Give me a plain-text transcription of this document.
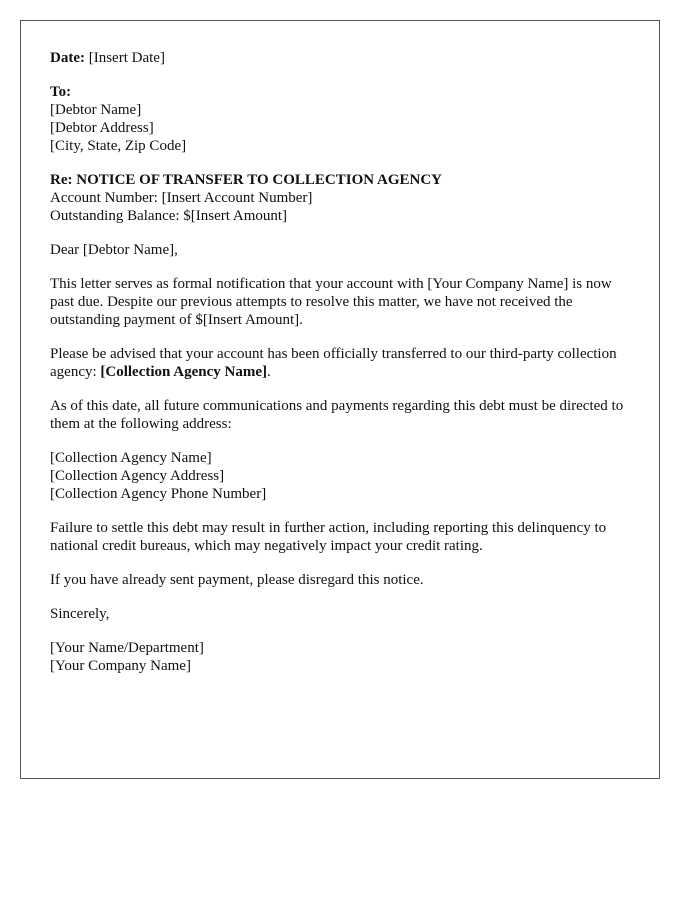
Date: [Insert Date]
To:
[Debtor Name]
[Debtor Address]
[City, State, Zip Code]
Re: NOTICE OF TRANSFER TO COLLECTION AGENCY
Account Number: [Insert Account Number]
Outstanding Balance: $[Insert Amount]

Dear [Debtor Name],

This letter serves as formal notification that your account with [Your Company Name] is now past due. Despite our previous attempts to resolve this matter, we have not received the outstanding payment of $[Insert Amount].

Please be advised that your account has been officially transferred to our third-party collection agency: [Collection Agency Name].

As of this date, all future communications and payments regarding this debt must be directed to them at the following address:

[Collection Agency Name]
[Collection Agency Address]
[Collection Agency Phone Number]

Failure to settle this debt may result in further action, including reporting this delinquency to national credit bureaus, which may negatively impact your credit rating.

If you have already sent payment, please disregard this notice.

Sincerely,

[Your Name/Department]
[Your Company Name]
